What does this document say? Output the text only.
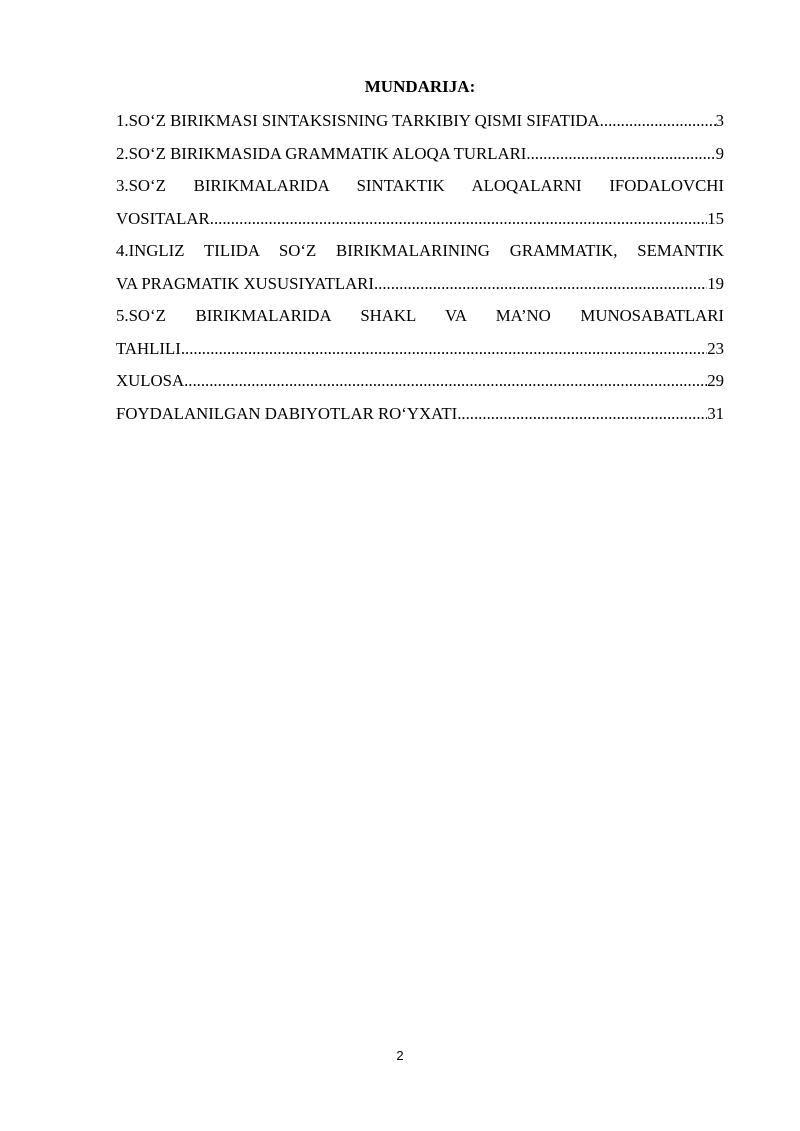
MUNDARIJA:
1.SO‘Z BIRIKMASI SINTAKSISNING TARKIBIY QISMI SIFATIDA .....	3
2.SO‘Z BIRIKMASIDA GRAMMATIK ALOQA TURLARI .....	9
3.SO‘Z BIRIKMALARIDA SINTAKTIK ALOQALARNI IFODALOVCHI
VOSITALAR .....	15
4.INGLIZ TILIDA SO‘Z BIRIKMALARINING GRAMMATIK, SEMANTIK
VA PRAGMATIK XUSUSIYATLARI .....	19
5.SO‘Z BIRIKMALARIDA SHAKL VA MA’NO MUNOSABATLARI
TAHLILI .....	23
XULOSA .....	29
FOYDALANILGAN DABIYOTLAR RO‘YXATI .....	31
2
